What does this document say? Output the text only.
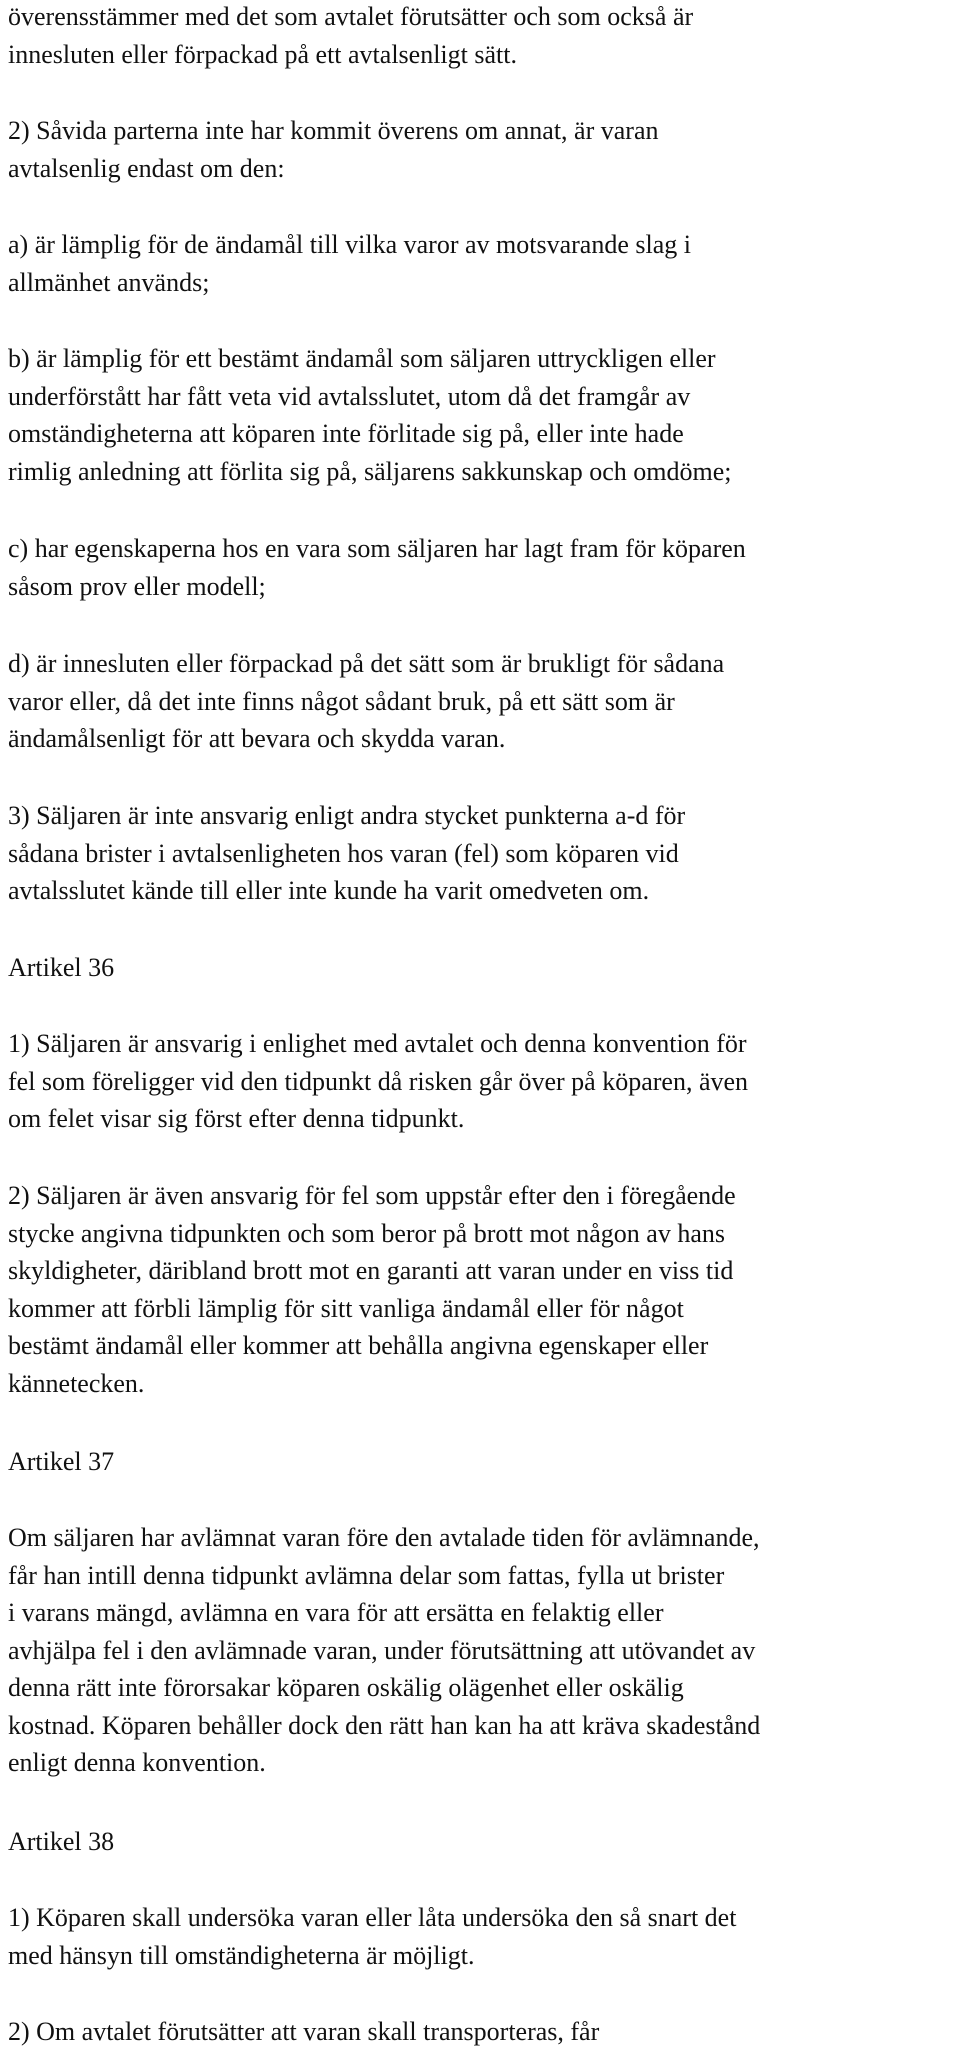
överensstämmer med det som avtalet förutsätter och som också är
innesluten eller förpackad på ett avtalsenligt sätt.

2) Såvida parterna inte har kommit överens om annat, är varan
avtalsenlig endast om den:

a) är lämplig för de ändamål till vilka varor av motsvarande slag i
allmänhet används;

b) är lämplig för ett bestämt ändamål som säljaren uttryckligen eller
underförstått har fått veta vid avtalsslutet, utom då det framgår av
omständigheterna att köparen inte förlitade sig på, eller inte hade
rimlig anledning att förlita sig på, säljarens sakkunskap och omdöme;

c) har egenskaperna hos en vara som säljaren har lagt fram för köparen
såsom prov eller modell;

d) är innesluten eller förpackad på det sätt som är brukligt för sådana
varor eller, då det inte finns något sådant bruk, på ett sätt som är
ändamålsenligt för att bevara och skydda varan.

3) Säljaren är inte ansvarig enligt andra stycket punkterna a-d för
sådana brister i avtalsenligheten hos varan (fel) som köparen vid
avtalsslutet kände till eller inte kunde ha varit omedveten om.

Artikel 36

1) Säljaren är ansvarig i enlighet med avtalet och denna konvention för
fel som föreligger vid den tidpunkt då risken går över på köparen, även
om felet visar sig först efter denna tidpunkt.

2) Säljaren är även ansvarig för fel som uppstår efter den i föregående
stycke angivna tidpunkten och som beror på brott mot någon av hans
skyldigheter, däribland brott mot en garanti att varan under en viss tid
kommer att förbli lämplig för sitt vanliga ändamål eller för något
bestämt ändamål eller kommer att behålla angivna egenskaper eller
kännetecken.

Artikel 37

Om säljaren har avlämnat varan före den avtalade tiden för avlämnande,
får han intill denna tidpunkt avlämna delar som fattas, fylla ut brister
i varans mängd, avlämna en vara för att ersätta en felaktig eller
avhjälpa fel i den avlämnade varan, under förutsättning att utövandet av
denna rätt inte förorsakar köparen oskälig olägenhet eller oskälig
kostnad. Köparen behåller dock den rätt han kan ha att kräva skadestånd
enligt denna konvention.

Artikel 38

1) Köparen skall undersöka varan eller låta undersöka den så snart det
med hänsyn till omständigheterna är möjligt.

2) Om avtalet förutsätter att varan skall transporteras, får
